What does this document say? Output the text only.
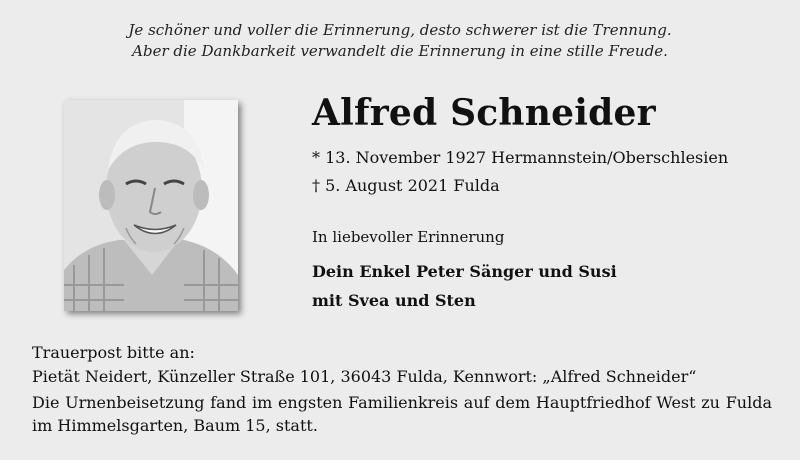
Je schöner und voller die Erinnerung, desto schwerer ist die Trennung.
Aber die Dankbarkeit verwandelt die Erinnerung in eine stille Freude.
Alfred Schneider
* 13. November 1927 Hermannstein/Oberschlesien
† 5. August 2021 Fulda
In liebevoller Erinnerung
Dein Enkel Peter Sänger und Susi
mit Svea und Sten
Trauerpost bitte an:
Pietät Neidert, Künzeller Straße 101, 36043 Fulda, Kennwort: „Alfred Schneider“
Die Urnenbeisetzung fand im engsten Familienkreis auf dem Hauptfriedhof West zu Fulda
im Himmelsgarten, Baum 15, statt.
